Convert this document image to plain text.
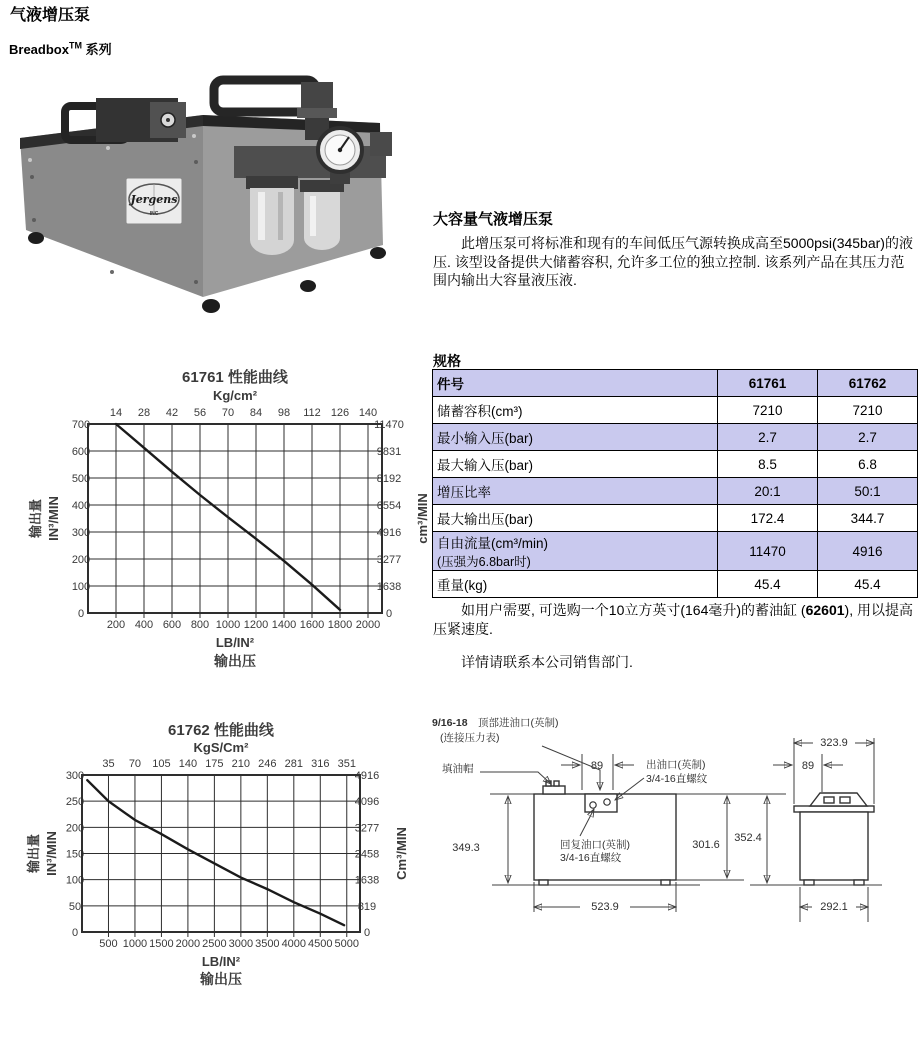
气液增压泵
Breadbox™ 系列
Jergens
INC	大容量气液增压泵

此增压泵可将标准和现有的车间低压气源转换成高至5000psi(345bar)的液压. 该型设备提供大储蓄容积, 允许多工位的独立控制. 该系列产品在其压力范围内输出大容量液压液.

规格
件号	61761	61762
储蓄容积(cm³)	7210	7210
最小输入压(bar)	2.7	2.7
最大输入压(bar)	8.5	6.8
增压比率	20:1	50:1
最大输出压(bar)	172.4	344.7

自由流量(cm³/min)
(压强为6.8bar时)	11470	4916
重量(kg)	45.4	45.4

如用户需要, 可选购一个10立方英寸(164毫升)的蓄油缸 (62601), 用以提高压紧速度.

详情请联系本公司销售部门.

61761 性能曲线
Kg/cm²
14
200
28
400
42
600
56
800
70
1000
84
1200
98
1400
112
1600
126
1800
140
2000
700	11470
600	9831
500	8192
400	6554
300	4916
200	3277
100	1638
0	0
输出量 IN³/MIN	cm³/MIN
LB/IN²
输出压
61762 性能曲线
KgS/Cm²
35
500
70
1000
105
1500
140
2000
175
2500
210
3000
246
3500
281
4000
316
4500
351
5000
300	4916
250	4096
200	3277
150	2458
100	1638
50	819
0	0
输出量 IN³/MIN	Cm³/MIN
LB/IN²
输出压
9/16-18 顶部进油口(英制)
(连接压力表)
填油帽	89	出油口(英制)
3/4-16直螺纹
回复油口(英制)
3/4-16直螺纹
349.3	301.6
523.9
323.9
89
352.4
292.1
